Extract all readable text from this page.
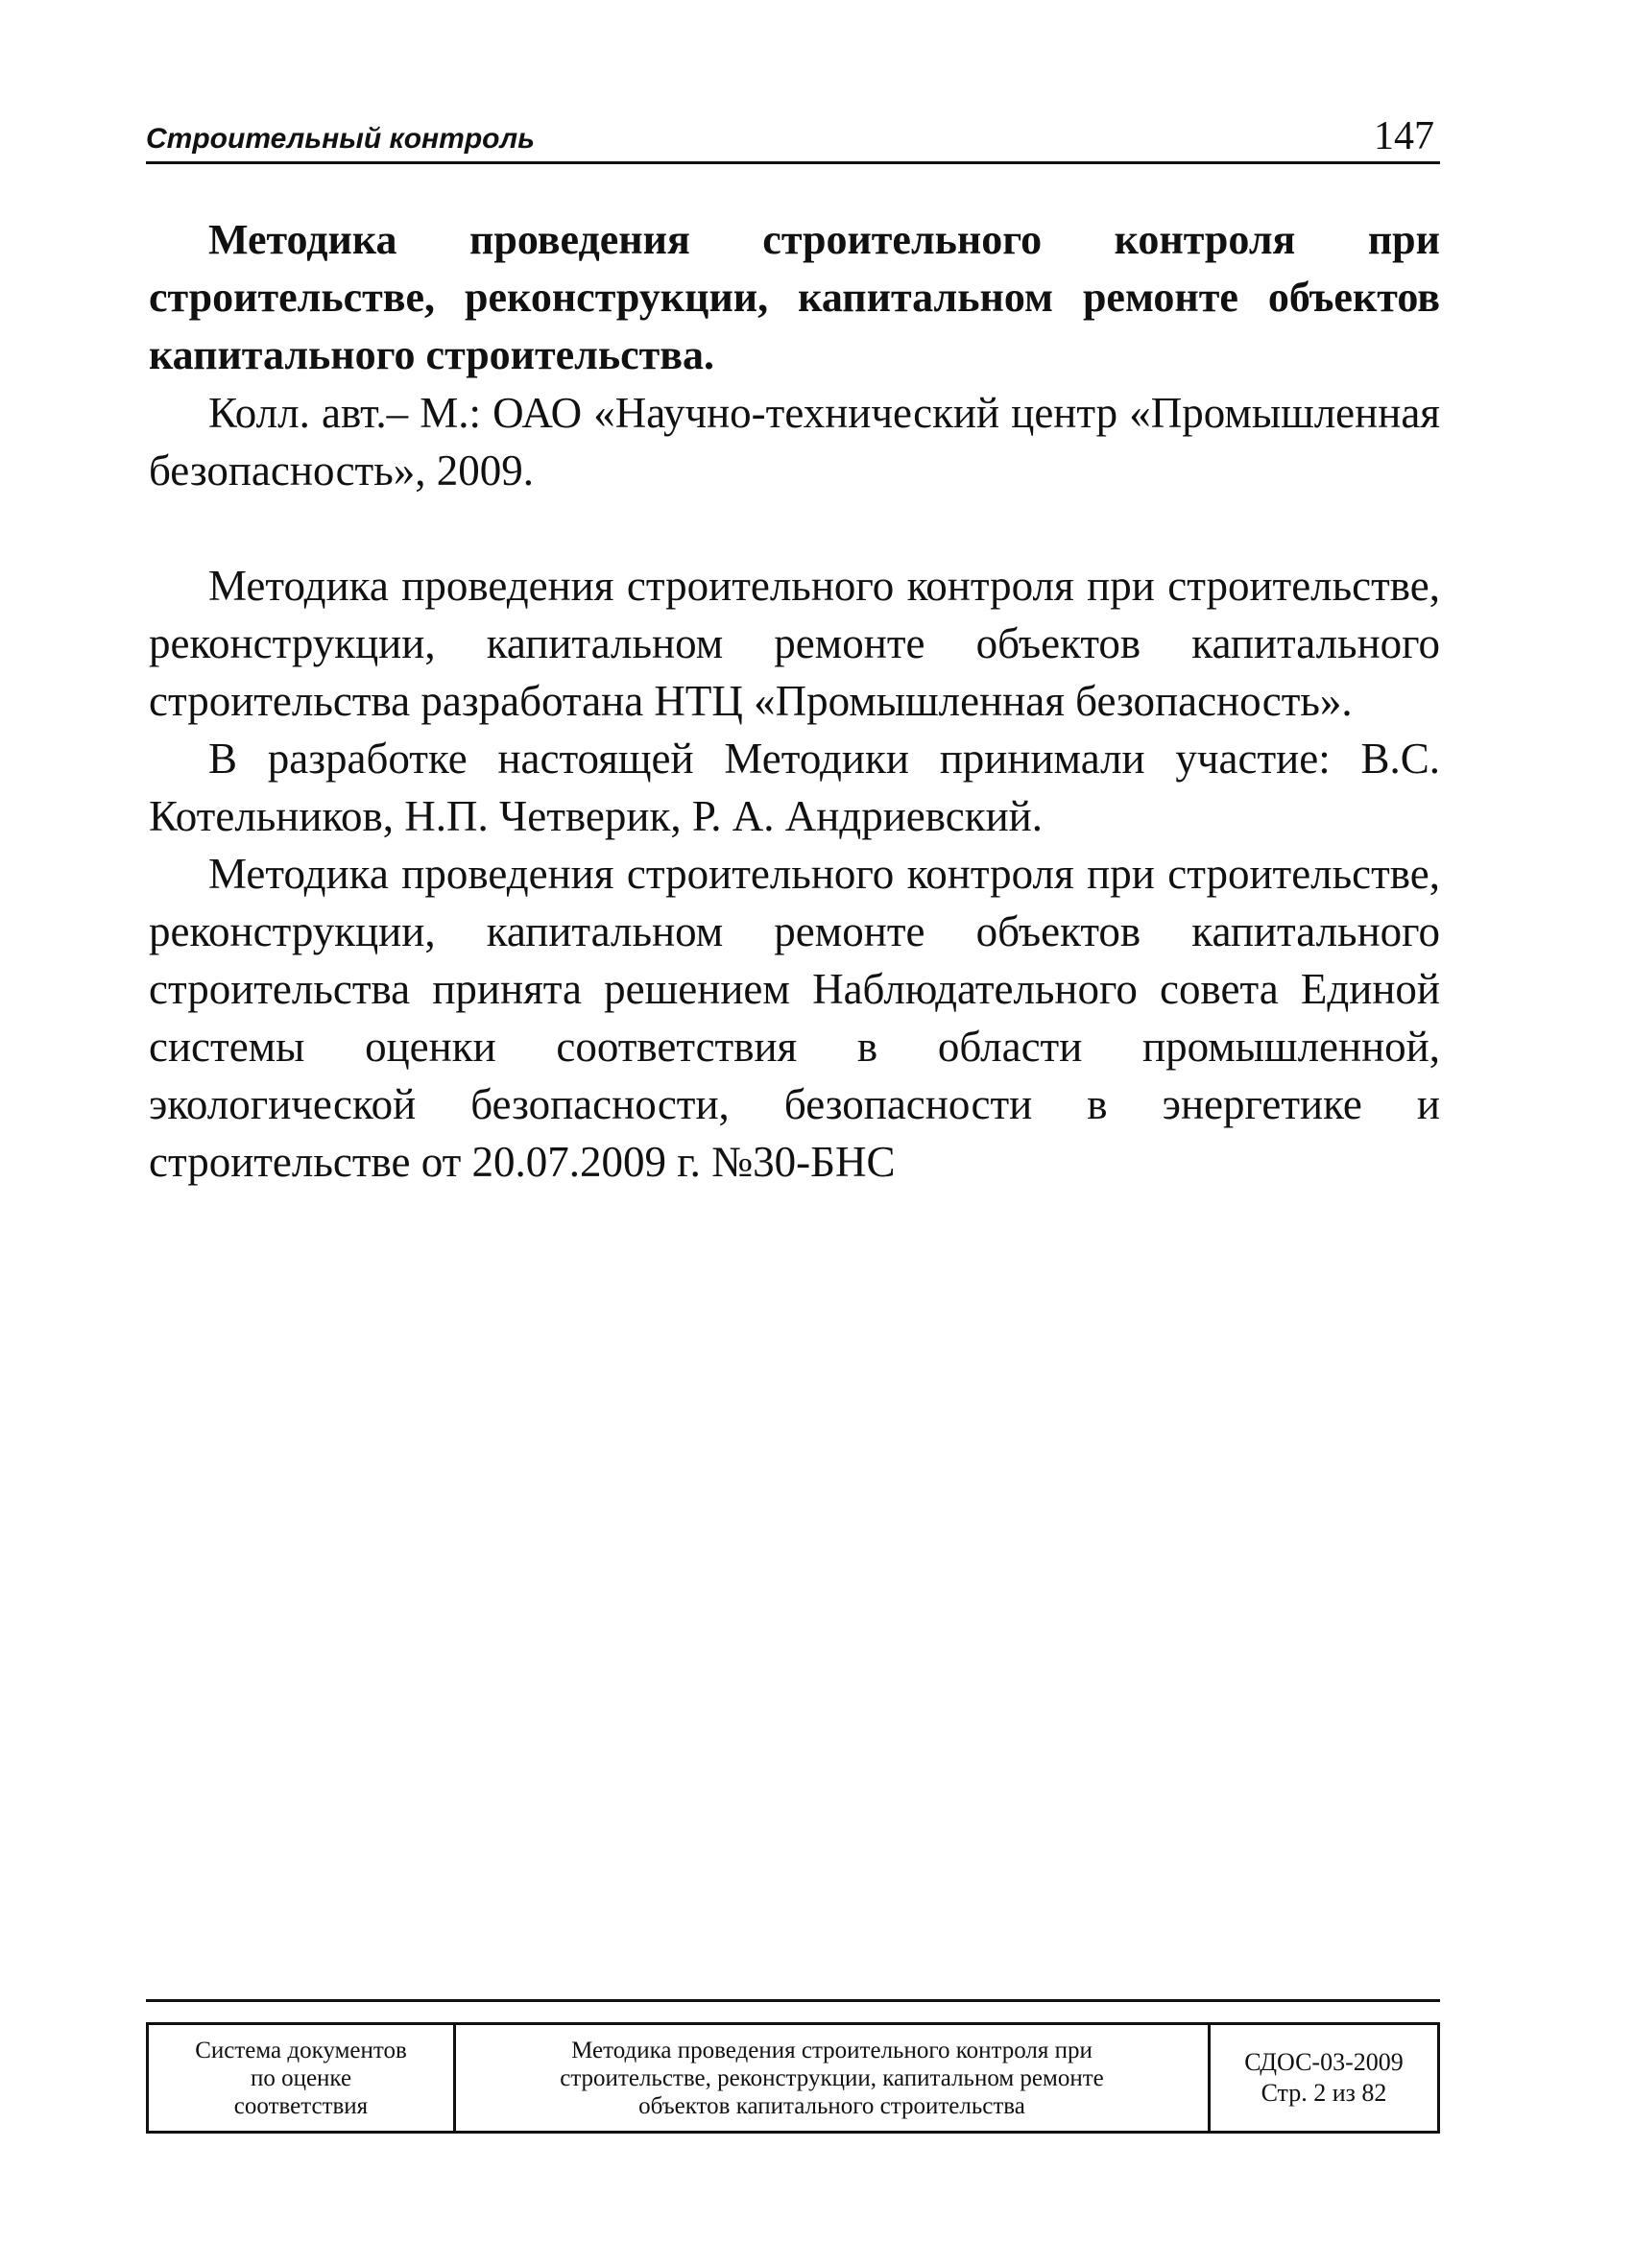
Строительный контроль	147

Методика проведения строительного контроля при строительстве, реконструкции, капитальном ремонте объектов капитального строительства.

Колл. авт.– М.: ОАО «Научно-технический центр «Промышленная безопасность», 2009.

Методика проведения строительного контроля при строительстве, реконструкции, капитальном ремонте объектов капитального строительства разработана НТЦ «Промышленная безопасность».

В разработке настоящей Методики принимали участие: В.С. Котельников, Н.П. Четверик, Р. А. Андриевский.

Методика проведения строительного контроля при строительстве, реконструкции, капитальном ремонте объектов капитального строительства принята решением Наблюдательного совета Единой системы оценки соответствия в области промышленной, экологической безопасности, безопасности в энергетике и строительстве от 20.07.2009 г. №30-БНС

Система документов
по оценке
соответствия
Методика проведения строительного контроля при
строительстве, реконструкции, капитальном ремонте
объектов капитального строительства
СДОС-03-2009
Стр. 2 из 82
